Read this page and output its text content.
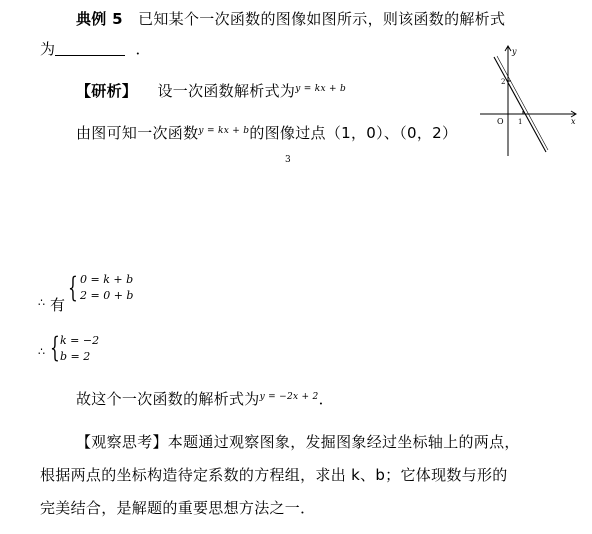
典例 5 已知某个一次函数的图像如图所示，则该函数的解析式
为	．
【研析】 设一次函数解析式为$^{y = kx + b}$
由图可知一次函数$^{y = kx + b}$的图像过点（1，0）、（0，2）
3
y
x
O 1
2
∴ 有
{ 0 = k + b
2 = 0 + b
∴ { k = −2
b = 2
故这个一次函数的解析式为$^{y = -2x + 2}$．
【观察思考】本题通过观察图象，发掘图象经过坐标轴上的两点，
根据两点的坐标构造待定系数的方程组，求出 k、b；它体现数与形的
完美结合，是解题的重要思想方法之一．
